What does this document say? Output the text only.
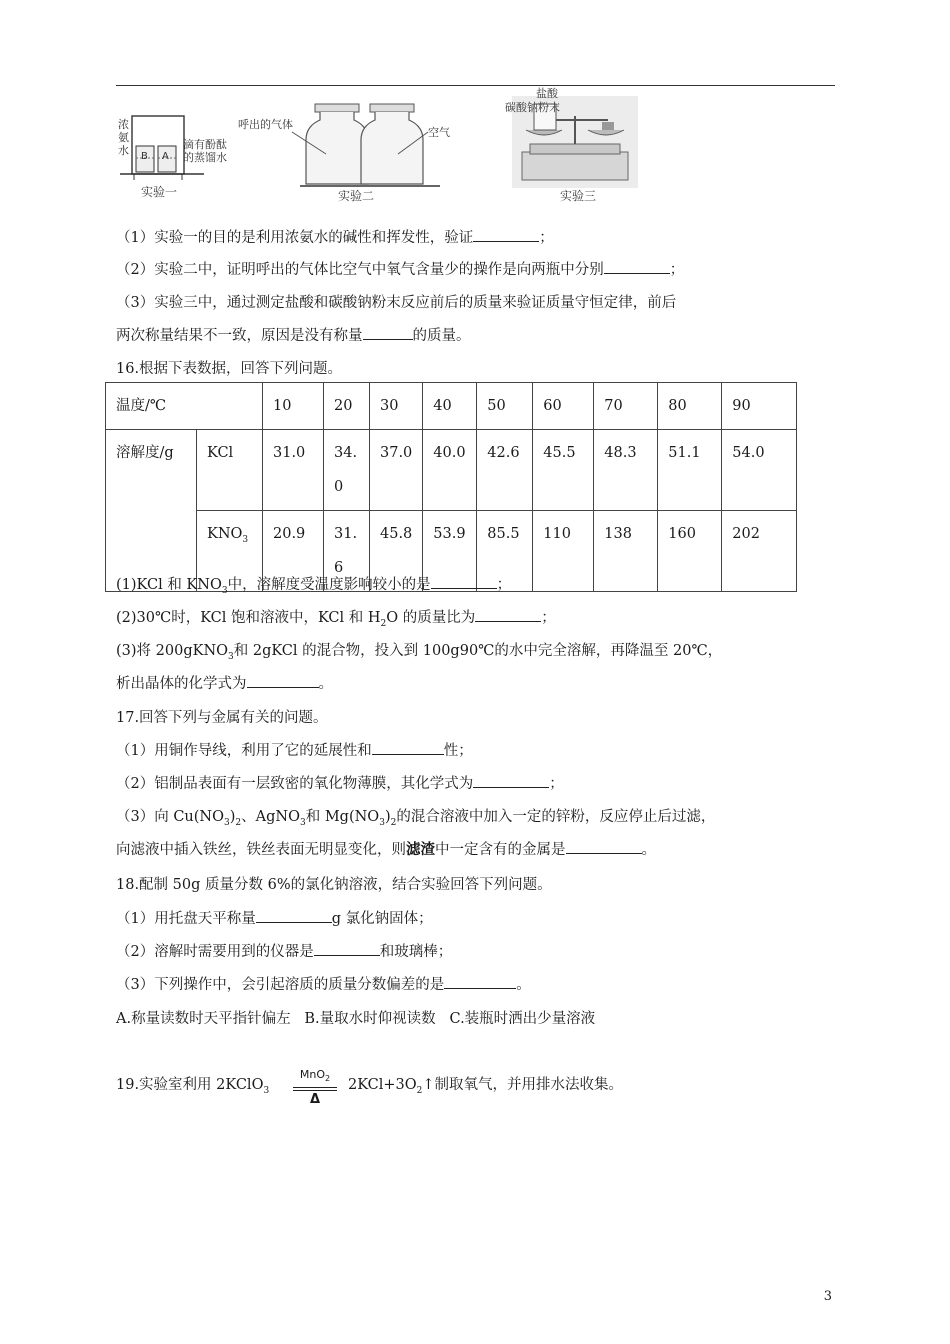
浓
氨
水	滴有酚酞
的蒸馏水
B A
实验一
呼出的气体
空气
实验二
盐酸
碳酸钠粉末
实验三
（1）实验一的目的是利用浓氨水的碱性和挥发性，验证	；
（2）实验二中，证明呼出的气体比空气中氧气含量少的操作是向两瓶中分别	；
（3）实验三中，通过测定盐酸和碳酸钠粉末反应前后的质量来验证质量守恒定律，前后
两次称量结果不一致，原因是没有称量	的质量。
16.根据下表数据，回答下列问题。
温度/℃		10	20	30	40	50	60	70	80	90
溶解度/g	KCl	31.0	34.
0	37.0	40.0	42.6	45.5	48.3	51.1	54.0
	$KNO_3$	20.9	31.
6	45.8	53.9	85.5	110	138	160	202
(1)KCl 和 $KNO_3$中，溶解度受温度影响较小的是	；
(2)30℃时，KCl 饱和溶液中，KCl 和 $H_2O$ 的质量比为	；
(3)将 200gKNO$_3$和 2gKCl 的混合物，投入到 100g90℃的水中完全溶解，再降温至 20℃，
析出晶体的化学式为	。
17.回答下列与金属有关的问题。
（1）用铜作导线，利用了它的延展性和	性；
（2）铝制品表面有一层致密的氧化物薄膜，其化学式为	；
（3）向 $Cu(NO_3)_2$、AgNO$_3$和 $Mg(NO_3)_2$的混合溶液中加入一定的锌粉，反应停止后过滤，
向滤液中插入铁丝，铁丝表面无明显变化，则滤渣中一定含有的金属是	。
18.配制 50g 质量分数 6%的氯化钠溶液，结合实验回答下列问题。
（1）用托盘天平称量	g 氯化钠固体；
（2）溶解时需要用到的仪器是	和玻璃棒；
（3）下列操作中，会引起溶质的质量分数偏差的是	。
A.称量读数时天平指针偏左   B.量取水时仰视读数   C.装瓶时洒出少量溶液
19.实验室利用 2KClO$_3$
MnO$_2$
Δ
$2KCl+3O_2↑$制取氧气，并用排水法收集。
3
